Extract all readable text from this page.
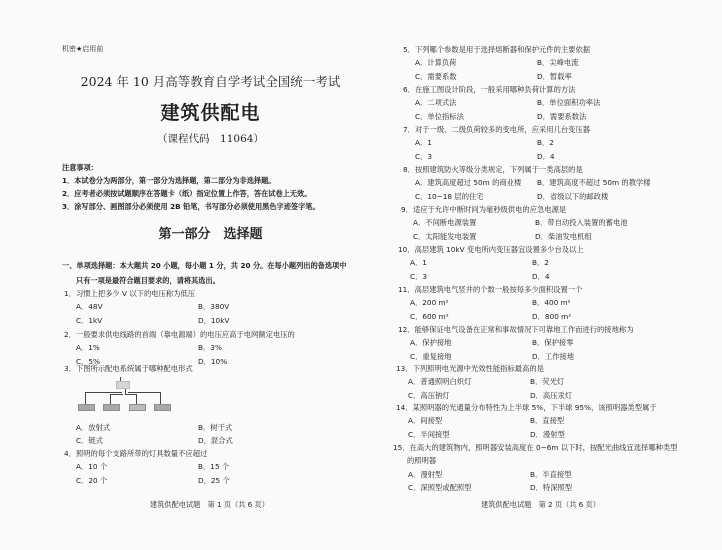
机密★启用前
2024 年 10 月高等教育自学考试全国统一考试
建筑供配电
（课程代码　11064）
注意事项：
1．本试卷分为两部分，第一部分为选择题，第二部分为非选择题。
2．应考者必须按试题顺序在答题卡（纸）指定位置上作答，答在试卷上无效。
3．涂写部分、画图部分必须使用 2B 铅笔，书写部分必须使用黑色字迹签字笔。
第一部分　选择题
一、单项选择题：本大题共 20 小题，每小题 1 分，共 20 分。在每小题列出的备选项中
只有一项是最符合题目要求的，请将其选出。
1．习惯上把多少 V 以下的电压称为低压
A．48V	B．380V
C．1kV	D．10kV
2．一般要求供电线路的首端（靠电源端）的电压应高于电网额定电压的
A．1%	B．3%
C．5%	D．10%
3．下图所示配电系统属于哪种配电形式
A．放射式	B．树干式
C．链式	D．混合式
4．照明的每个支路所带的灯具数量不应超过
A．10 个	B．15 个
C．20 个	D．25 个
建筑供配电试题　第 1 页（共 6 页）
5．下列哪个参数是用于选择熔断器和保护元件的主要依据
A．计算负荷	B．尖峰电流
C．需要系数	D．暂载率
6．在施工图设计阶段，一般采用哪种负荷计算的方法
A．二项式法	B．单位面积功率法
C．单位指标法	D．需要系数法
7．对于一级、二级负荷较多的变电所，应采用几台变压器
A．1	B．2
C．3	D．4
8．按照建筑防火等级分类规定，下列属于一类高层的是
A．建筑高度超过 50m 的商业楼	B．建筑高度不超过 50m 的教学楼
C．10~18 层的住宅	D．省级以下的邮政楼
9．适应于允许中断时间为毫秒级供电的应急电源是
A．不间断电源装置	B．带自动投入装置的蓄电池
C．太阳能发电装置	D．柴油发电机组
10．高层建筑 10kV 变电所内变压器宜设置多少台及以上
A．1	B．2
C．3	D．4
11．高层建筑电气竖井的个数一般按每多少面积设置一个
A．200 m²	B．400 m²
C．600 m²	D．800 m²
12．能够保证电气设备在正常和事故情况下可靠地工作而进行的接地称为
A．保护接地	B．保护接零
C．重复接地	D．工作接地
13．下列照明电光源中光效性能指标最高的是
A．普通照明白炽灯	B．荧光灯
C．高压钠灯	D．高压汞灯
14．某照明器的光通量分布特性为上半球 5%，下半球 95%，该照明器类型属于
A．间接型	B．直接型
C．半间接型	D．漫射型
15．在高大的建筑物内，照明器安装高度在 0~6m 以下时，按配光曲线宜选择哪种类型
的照明器
A．漫射型	B．半直接型
C．深照型或配照型	D．特深照型
建筑供配电试题　第 2 页（共 6 页）
